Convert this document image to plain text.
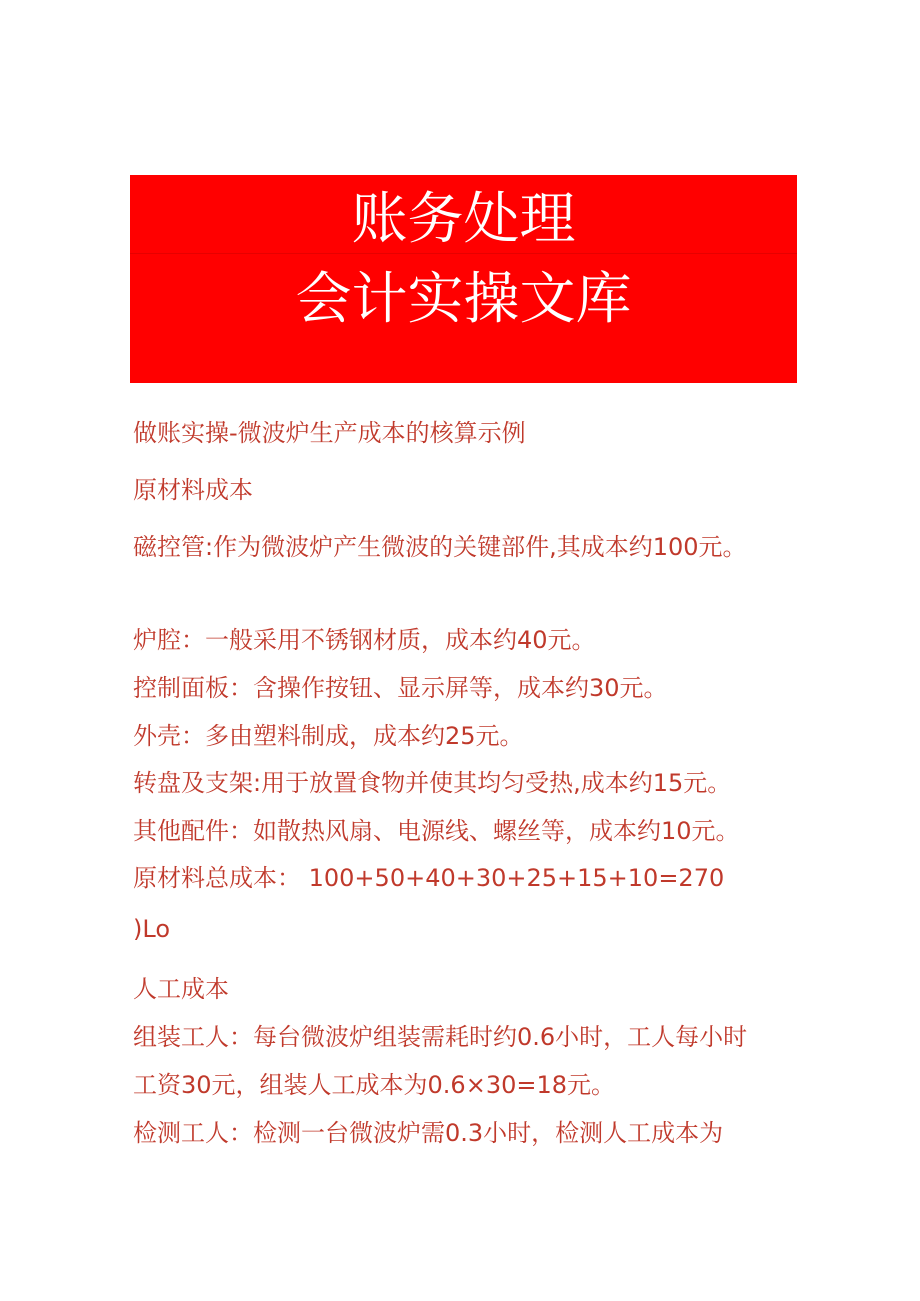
账务处理
会计实操文库
做账实操-微波炉生产成本的核算示例
原材料成本
磁控管:作为微波炉产生微波的关键部件,其成本约100元。
炉腔：一般采用不锈钢材质，成本约40元。
控制面板：含操作按钮、显示屏等，成本约30元。
外壳：多由塑料制成，成本约25元。
转盘及支架:用于放置食物并使其均匀受热,成本约15元。
其他配件：如散热风扇、电源线、螺丝等，成本约10元。
原材料总成本： 100+50+40+30+25+15+10=270
)Lo
人工成本
组装工人：每台微波炉组装需耗时约0.6小时，工人每小时
工资30元，组装人工成本为0.6×30=18元。
检测工人：检测一台微波炉需0.3小时，检测人工成本为
